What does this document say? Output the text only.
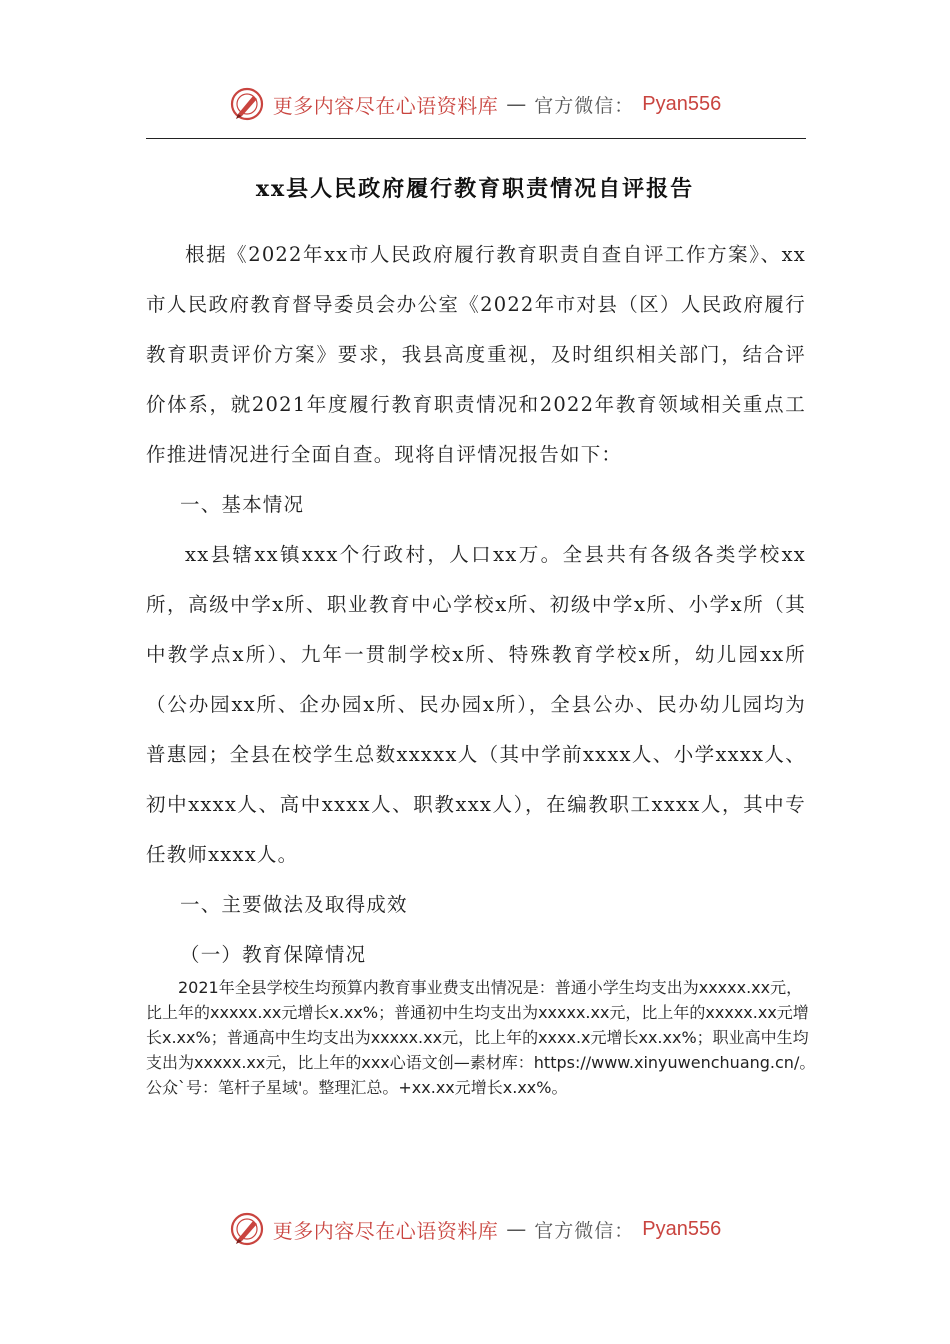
更多内容尽在心语资料库 — 官方微信： Pyan556
xx县人民政府履行教育职责情况自评报告

根据《2022年xx市人民政府履行教育职责自查自评工作方案》、xx市人民政府教育督导委员会办公室《2022年市对县（区）人民政府履行教育职责评价方案》要求，我县高度重视，及时组织相关部门，结合评价体系，就2021年度履行教育职责情况和2022年教育领域相关重点工作推进情况进行全面自查。现将自评情况报告如下：

一、基本情况

xx县辖xx镇xxx个行政村，人口xx万。全县共有各级各类学校xx所，高级中学x所、职业教育中心学校x所、初级中学x所、小学x所（其中教学点x所）、九年一贯制学校x所、特殊教育学校x所，幼儿园xx所（公办园xx所、企办园x所、民办园x所），全县公办、民办幼儿园均为普惠园；全县在校学生总数xxxxx人（其中学前xxxx人、小学xxxx人、初中xxxx人、高中xxxx人、职教xxx人），在编教职工xxxx人，其中专任教师xxxx人。

一、主要做法及取得成效

（一）教育保障情况

2021年全县学校生均预算内教育事业费支出情况是：普通小学生均支出为xxxxx.xx元，比上年的xxxxx.xx元增长x.xx%；普通初中生均支出为xxxxx.xx元，比上年的xxxxx.xx元增长x.xx%；普通高中生均支出为xxxxx.xx元，比上年的xxxx.x元增长xx.xx%；职业高中生均支出为xxxxx.xx元，比上年的xxx心语文创—素材库：https://www.xinyuwenchuang.cn/。公众`号：笔杆子星域'。整理汇总。+xx.xx元增长x.xx%。

更多内容尽在心语资料库 — 官方微信： Pyan556
